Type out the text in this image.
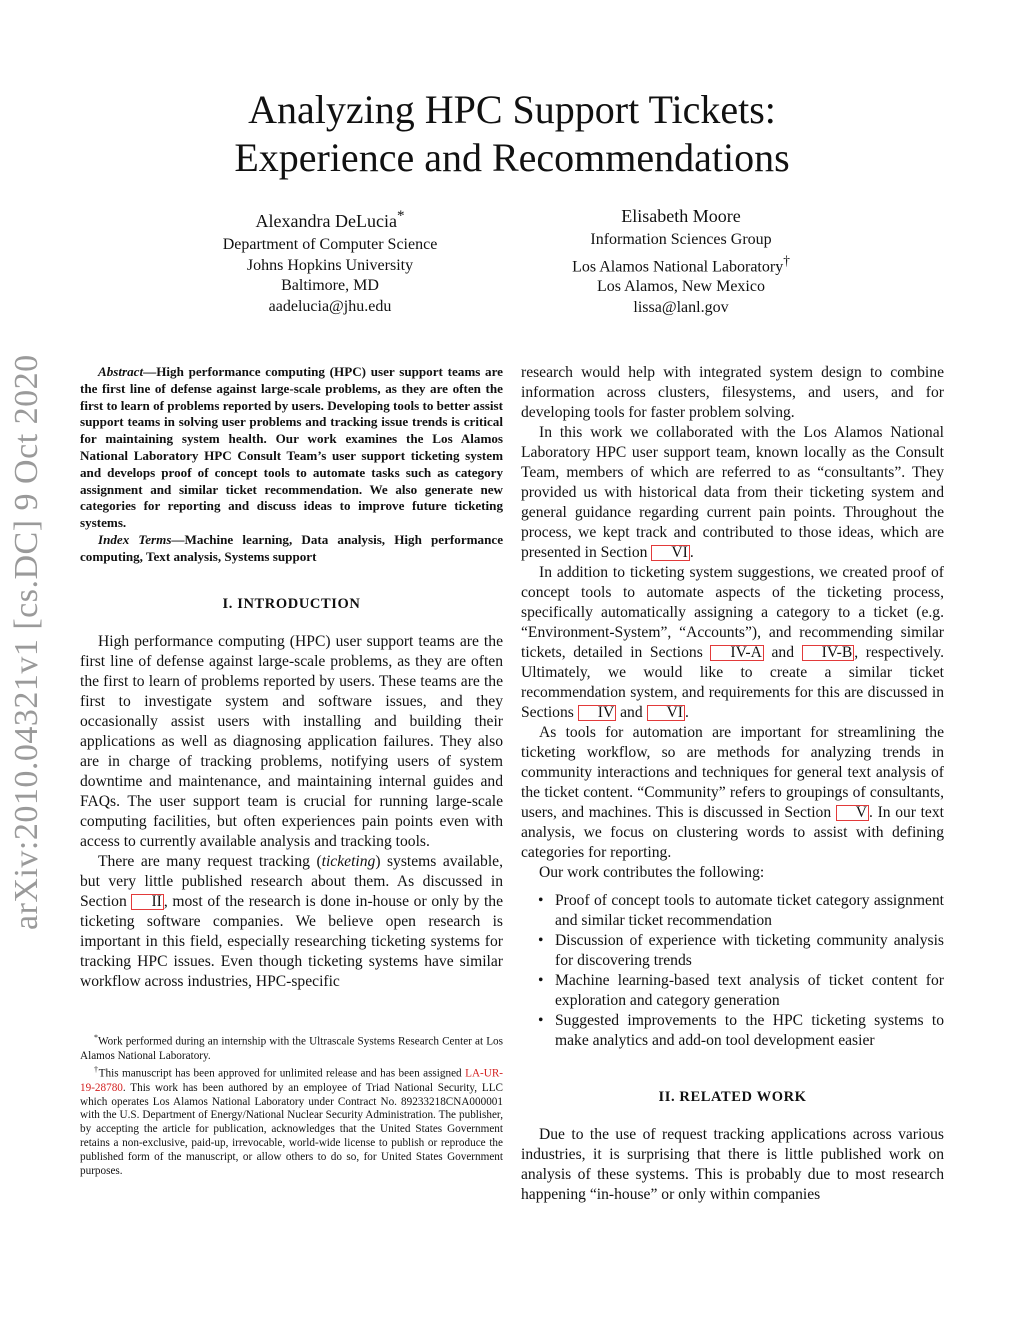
arXiv:2010.04321v1 [cs.DC] 9 Oct 2020
Analyzing HPC Support Tickets:
Experience and Recommendations
Alexandra DeLucia*
Department of Computer Science
Johns Hopkins University
Baltimore, MD
aadelucia@jhu.edu
Elisabeth Moore
Information Sciences Group
Los Alamos National Laboratory†
Los Alamos, New Mexico
lissa@lanl.gov

Abstract—High performance computing (HPC) user support teams are the first line of defense against large-scale problems, as they are often the first to learn of problems reported by users. Developing tools to better assist support teams in solving user problems and tracking issue trends is critical for maintaining system health. Our work examines the Los Alamos National Laboratory HPC Consult Team’s user support ticketing system and develops proof of concept tools to automate tasks such as category assignment and similar ticket recommendation. We also generate new categories for reporting and discuss ideas to improve future ticketing systems.

Index Terms—Machine learning, Data analysis, High performance computing, Text analysis, Systems support

I. INTRODUCTION

High performance computing (HPC) user support teams are the first line of defense against large-scale problems, as they are often the first to learn of problems reported by users. These teams are the first to investigate system and software issues, and they occasionally assist users with installing and building their applications as well as diagnosing application failures. They also are in charge of tracking problems, notifying users of system downtime and maintenance, and maintaining internal guides and FAQs. The user support team is crucial for running large-scale computing facilities, but often experiences pain points even with access to currently available analysis and tracking tools.

There are many request tracking (ticketing) systems available, but very little published research about them. As discussed in Section II , most of the research is done in-house or only by the ticketing software companies. We believe open research is important in this field, especially researching ticketing systems for tracking HPC issues. Even though ticketing systems have similar workflow across industries, HPC-specific

*Work performed during an internship with the Ultrascale Systems Research Center at Los Alamos National Laboratory.

†This manuscript has been approved for unlimited release and has been assigned LA-UR-19-28780. This work has been authored by an employee of Triad National Security, LLC which operates Los Alamos National Laboratory under Contract No. 89233218CNA000001 with the U.S. Department of Energy/National Nuclear Security Administration. The publisher, by accepting the article for publication, acknowledges that the United States Government retains a non-exclusive, paid-up, irrevocable, world-wide license to publish or reproduce the published form of the manuscript, or allow others to do so, for United States Government purposes.

research would help with integrated system design to combine information across clusters, filesystems, and users, and for developing tools for faster problem solving.

In this work we collaborated with the Los Alamos National Laboratory HPC user support team, known locally as the Consult Team, members of which are referred to as “consultants”. They provided us with historical data from their ticketing system and general guidance regarding current pain points. Throughout the process, we kept track and contributed to those ideas, which are presented in Section VI .

In addition to ticketing system suggestions, we created proof of concept tools to automate aspects of the ticketing process, specifically automatically assigning a category to a ticket (e.g. “Environment-System”, “Accounts”), and recommending similar tickets, detailed in Sections IV-A and IV-B , respectively. Ultimately, we would like to create a similar ticket recommendation system, and requirements for this are discussed in Sections IV and VI .

As tools for automation are important for streamlining the ticketing workflow, so are methods for analyzing trends in community interactions and techniques for general text analysis of the ticket content. “Community” refers to groupings of consultants, users, and machines. This is discussed in Section V . In our text analysis, we focus on clustering words to assist with defining categories for reporting.

Our work contributes the following:

• Proof of concept tools to automate ticket category assignment and similar ticket recommendation
• Discussion of experience with ticketing community analysis for discovering trends
• Machine learning-based text analysis of ticket content for exploration and category generation
• Suggested improvements to the HPC ticketing systems to make analytics and add-on tool development easier
II. RELATED WORK

Due to the use of request tracking applications across various industries, it is surprising that there is little published work on analysis of these systems. This is probably due to most research happening “in-house” or only within companies
